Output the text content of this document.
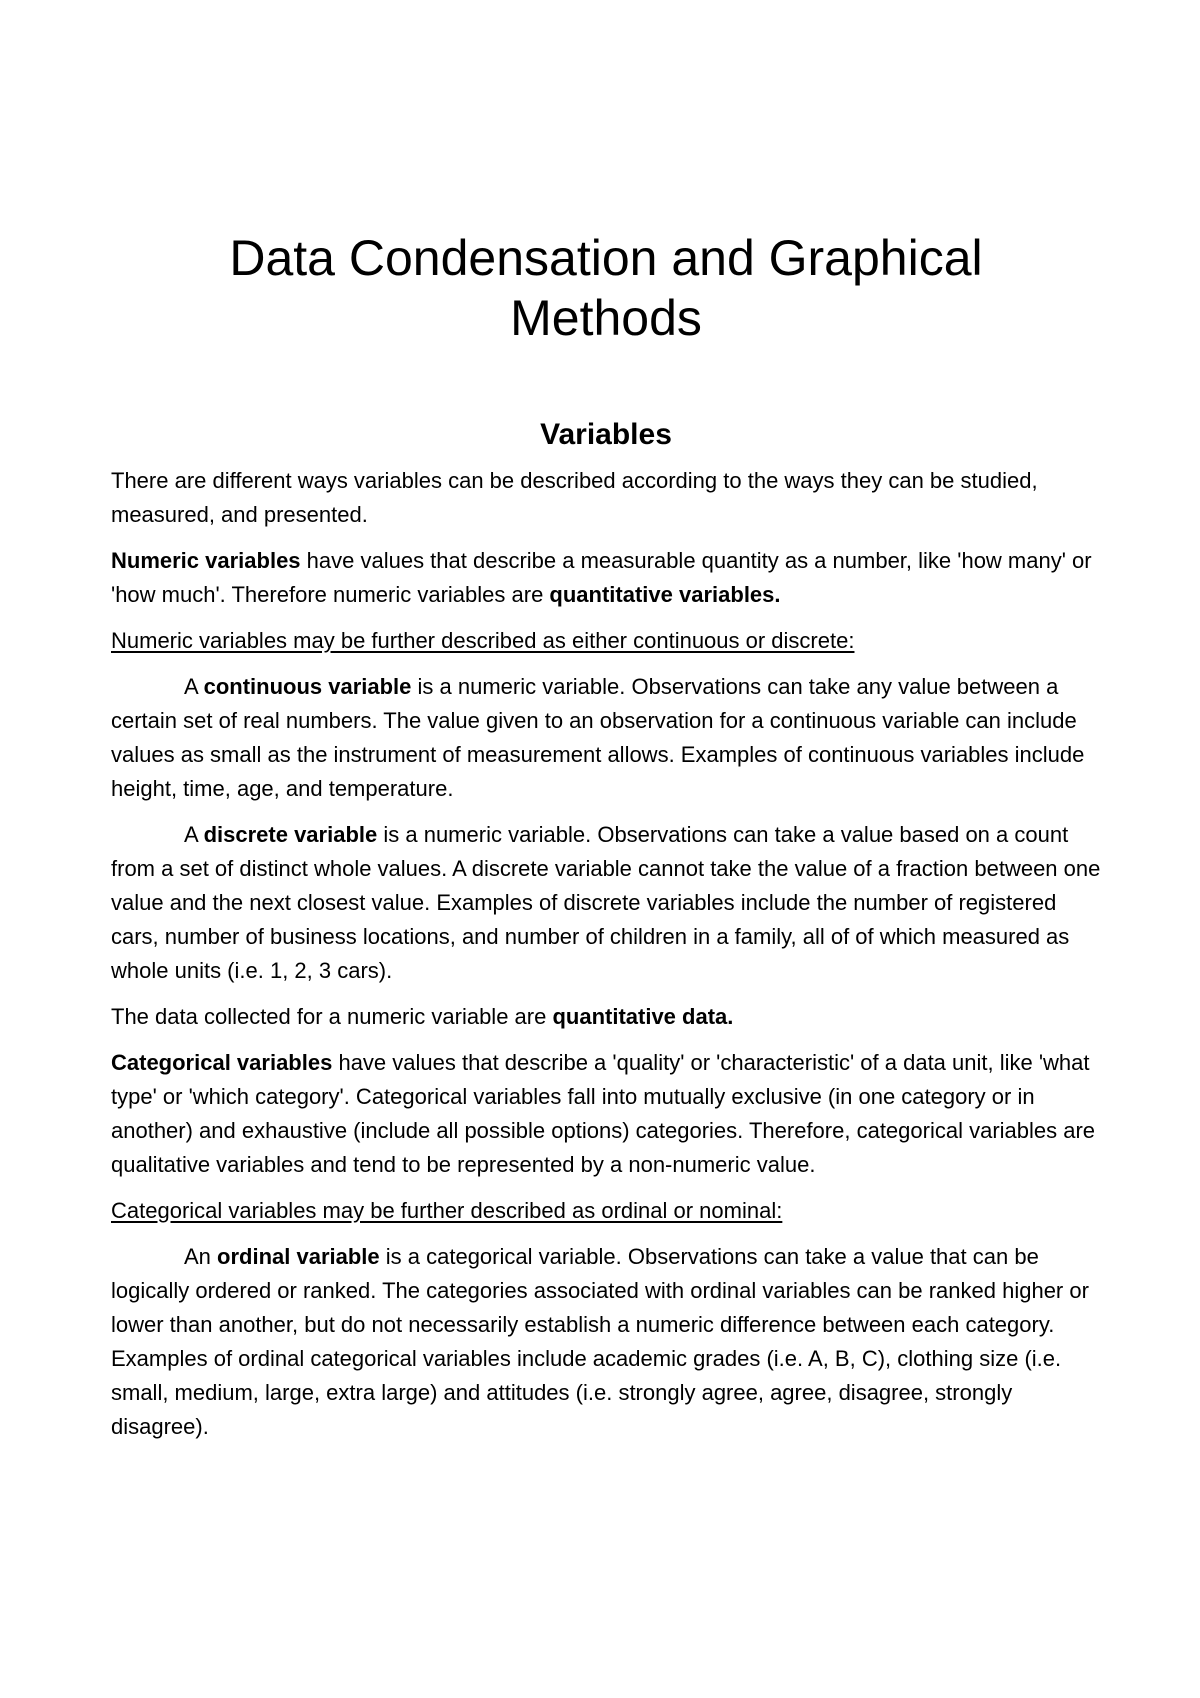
Data Condensation and Graphical
Methods
Variables

There are different ways variables can be described according to the ways they can be studied, measured, and presented.

Numeric variables have values that describe a measurable quantity as a number, like 'how many' or 'how much'. Therefore numeric variables are quantitative variables.

Numeric variables may be further described as either continuous or discrete:

A continuous variable is a numeric variable. Observations can take any value between a certain set of real numbers. The value given to an observation for a continuous variable can include values as small as the instrument of measurement allows. Examples of continuous variables include height, time, age, and temperature.

A discrete variable is a numeric variable. Observations can take a value based on a count from a set of distinct whole values. A discrete variable cannot take the value of a fraction between one value and the next closest value. Examples of discrete variables include the number of registered cars, number of business locations, and number of children in a family, all of of which measured as whole units (i.e. 1, 2, 3 cars).

The data collected for a numeric variable are quantitative data.

Categorical variables have values that describe a 'quality' or 'characteristic' of a data unit, like 'what type' or 'which category'. Categorical variables fall into mutually exclusive (in one category or in another) and exhaustive (include all possible options) categories. Therefore, categorical variables are qualitative variables and tend to be represented by a non-numeric value.

Categorical variables may be further described as ordinal or nominal:

An ordinal variable is a categorical variable. Observations can take a value that can be logically ordered or ranked. The categories associated with ordinal variables can be ranked higher or lower than another, but do not necessarily establish a numeric difference between each category. Examples of ordinal categorical variables include academic grades (i.e. A, B, C), clothing size (i.e. small, medium, large, extra large) and attitudes (i.e. strongly agree, agree, disagree, strongly disagree).
